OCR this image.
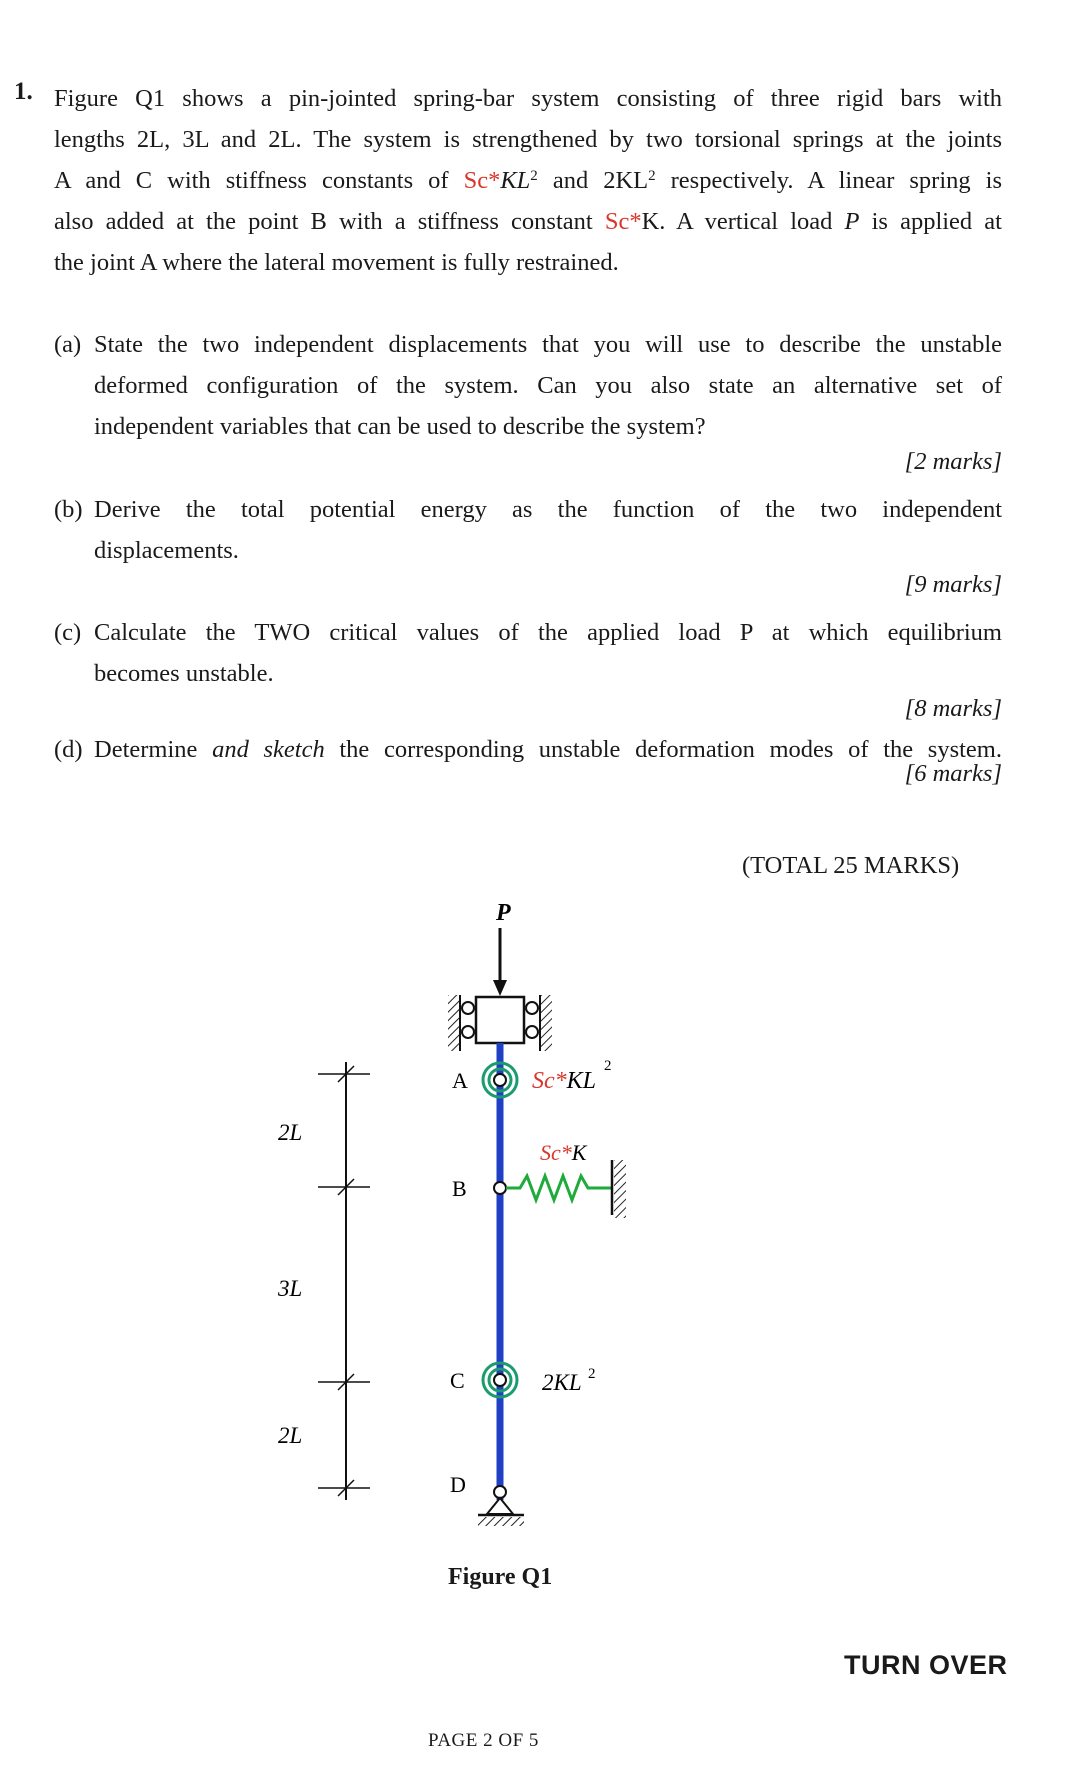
1. Figure Q1 shows a pin-jointed spring-bar system consisting of three rigid bars with
lengths 2L, 3L and 2L. The system is strengthened by two torsional springs at the joints
A and C with stiffness constants of $Sc*KL^2$ and $2KL^2$ respectively. A linear spring is
also added at the point B with a stiffness constant Sc*K. A vertical load P is applied at
the joint A where the lateral movement is fully restrained.
(a) State the two independent displacements that you will use to describe the unstable
deformed configuration of the system. Can you also state an alternative set of
independent variables that can be used to describe the system?
[2 marks]
(b) Derive the total potential energy as the function of the two independent
displacements.
[9 marks]
(c) Calculate the TWO critical values of the applied load P at which equilibrium
becomes unstable.
[8 marks]
(d) Determine and sketch the corresponding unstable deformation modes of the system.
[6 marks]
(TOTAL 25 MARKS)
P
A	Sc*KL
2
B
Sc*K
C	2KL 2
D
2L
3L
2L
Figure Q1
TURN OVER
PAGE 2 OF 5
